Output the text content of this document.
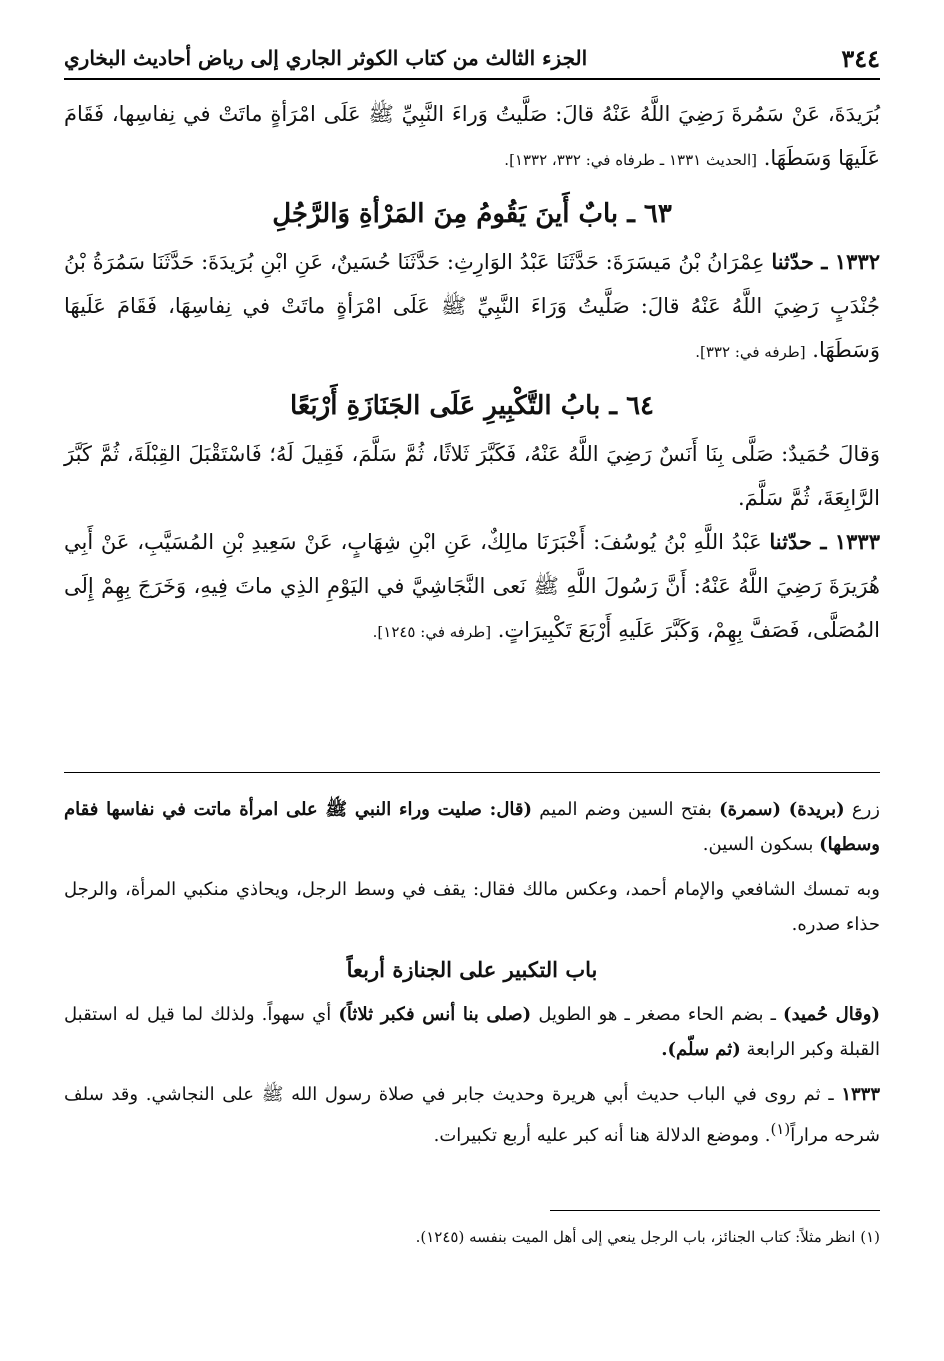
٣٤٤
الجزء الثالث من كتاب الكوثر الجاري إلى رياض أحاديث البخاري

بُرَيدَةَ، عَنْ سَمُرةَ رَضِيَ اللَّهُ عَنْهُ قالَ: صَلَّيتُ وَراءَ النَّبِيِّ ﷺ عَلَى امْرَأةٍ ماتَتْ في نِفاسِها، فَقَامَ عَلَيهَا وَسَطَهَا. [الحديث ١٣٣١ ـ طرفاه في: ٣٣٢، ١٣٣٢].

٦٣ ـ بابٌ أَينَ يَقُومُ مِنَ المَرْأةِ وَالرَّجُلِ

١٣٣٢ ـ حدّثنا عِمْرَانُ بْنُ مَيسَرَةَ: حَدَّثَنَا عَبْدُ الوَارِثِ: حَدَّثَنَا حُسَينٌ، عَنِ ابْنِ بُرَيدَةَ: حَدَّثَنَا سَمُرَةُ بْنُ جُنْدَبٍ رَضِيَ اللَّهُ عَنْهُ قالَ: صَلَّيتُ وَرَاءَ النَّبِيِّ ﷺ عَلَى امْرَأةٍ ماتَتْ في نِفاسِهَا، فَقَامَ عَلَيهَا وَسَطَهَا. [طرفه في: ٣٣٢].

٦٤ ـ بابُ التَّكْبِيرِ عَلَى الجَنَازَةِ أَرْبَعًا

وَقالَ حُمَيدٌ: صَلَّى بِنَا أَنَسٌ رَضِيَ اللَّهُ عَنْهُ، فَكَبَّرَ ثَلاثًا، ثُمَّ سَلَّمَ، فَقِيلَ لَهُ؛ فَاسْتَقْبَلَ القِبْلَةَ، ثُمَّ كَبَّرَ الرَّابِعَةَ، ثُمَّ سَلَّمَ.

١٣٣٣ ـ حدّثنا عَبْدُ اللَّهِ بْنُ يُوسُفَ: أَخْبَرَنَا مالِكٌ، عَنِ ابْنِ شِهَابٍ، عَنْ سَعِيدِ بْنِ المُسَيَّبِ، عَنْ أَبِي هُرَيرَةَ رَضِيَ اللَّهُ عَنْهُ: أَنَّ رَسُولَ اللَّهِ ﷺ نَعى النَّجَاشِيَّ في اليَوْمِ الذِي ماتَ فِيهِ، وَخَرَجَ بِهِمْ إِلَى المُصَلَّى، فَصَفَّ بِهِمْ، وَكَبَّرَ عَلَيهِ أَرْبَعَ تَكْبِيرَاتٍ. [طرفه في: ١٢٤٥].

زرع (بريدة) (سمرة) بفتح السين وضم الميم (قال: صليت وراء النبي ﷺ على امرأة ماتت في نفاسها فقام وسطها) بسكون السين.

وبه تمسك الشافعي والإمام أحمد، وعكس مالك فقال: يقف في وسط الرجل، ويحاذي منكبي المرأة، والرجل حذاء صدره.

باب التكبير على الجنازة أربعاً

(وقال حُميد) ـ بضم الحاء مصغر ـ هو الطويل (صلى بنا أنس فكبر ثلاثاً) أي سهواً. ولذلك لما قيل له استقبل القبلة وكبر الرابعة (ثم سلّم).

١٣٣٣ ـ ثم روى في الباب حديث أبي هريرة وحديث جابر في صلاة رسول الله ﷺ على النجاشي. وقد سلف شرحه مراراً$^{(١)}$. وموضع الدلالة هنا أنه كبر عليه أربع تكبيرات.

(١) انظر مثلاً: كتاب الجنائز، باب الرجل ينعي إلى أهل الميت بنفسه (١٢٤٥).
